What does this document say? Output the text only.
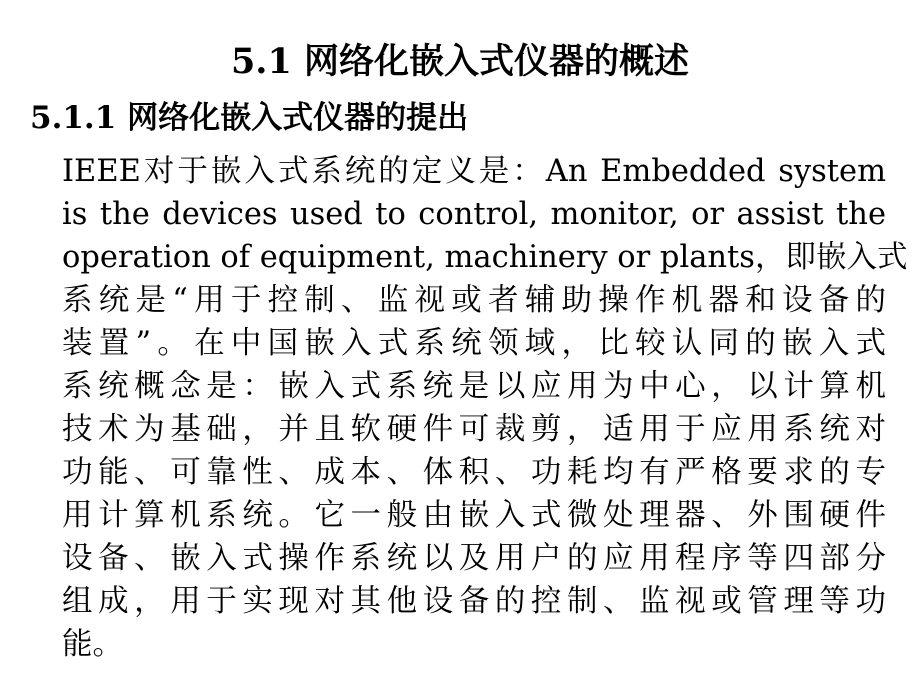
5.1 网络化嵌入式仪器的概述
5.1.1 网络化嵌入式仪器的提出
IEEE对于嵌入式系统的定义是：An Embedded system
is the devices used to control, monitor, or assist the
operation of equipment, machinery or plants，即嵌入式
系统是“用于控制、监视或者辅助操作机器和设备的
装置”。在中国嵌入式系统领域，比较认同的嵌入式
系统概念是：嵌入式系统是以应用为中心，以计算机
技术为基础，并且软硬件可裁剪，适用于应用系统对
功能、可靠性、成本、体积、功耗均有严格要求的专
用计算机系统。它一般由嵌入式微处理器、外围硬件
设备、嵌入式操作系统以及用户的应用程序等四部分
组成，用于实现对其他设备的控制、监视或管理等功
能。
